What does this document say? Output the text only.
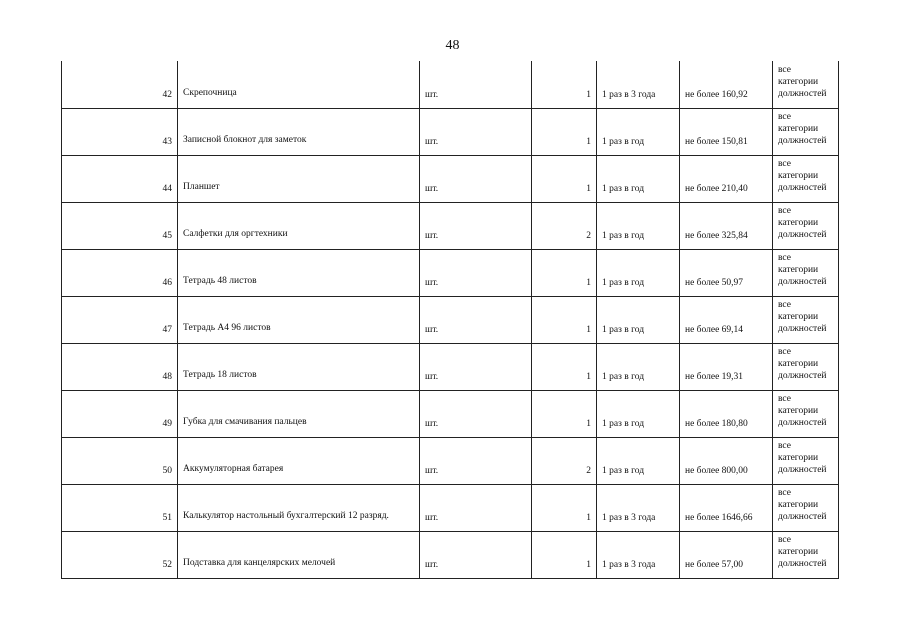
48
42	Скрепочница	шт.	1	1 раз в 3 года	не более 160,92	все категории должностей

43	Записной блокнот для заметок	шт.	1	1 раз в год	не более 150,81	все категории должностей

44	Планшет	шт.	1	1 раз в год	не более 210,40	все категории должностей

45	Салфетки для оргтехники	шт.	2	1 раз в год	не более 325,84	все категории должностей

46	Тетрадь 48 листов	шт.	1	1 раз в год	не более 50,97	все категории должностей

47	Тетрадь А4 96 листов	шт.	1	1 раз в год	не более 69,14	все категории должностей

48	Тетрадь 18 листов	шт.	1	1 раз в год	не более 19,31	все категории должностей

49	Губка для смачивания пальцев	шт.	1	1 раз в год	не более 180,80	все категории должностей

50	Аккумуляторная батарея	шт.	2	1 раз в год	не более 800,00	все категории должностей

51	Калькулятор настольный бухгалтерский 12 разряд.	шт.	1	1 раз в 3 года	не более 1646,66	все категории должностей

52	Подставка для канцелярских мелочей	шт.	1	1 раз в 3 года	не более 57,00	все категории должностей
